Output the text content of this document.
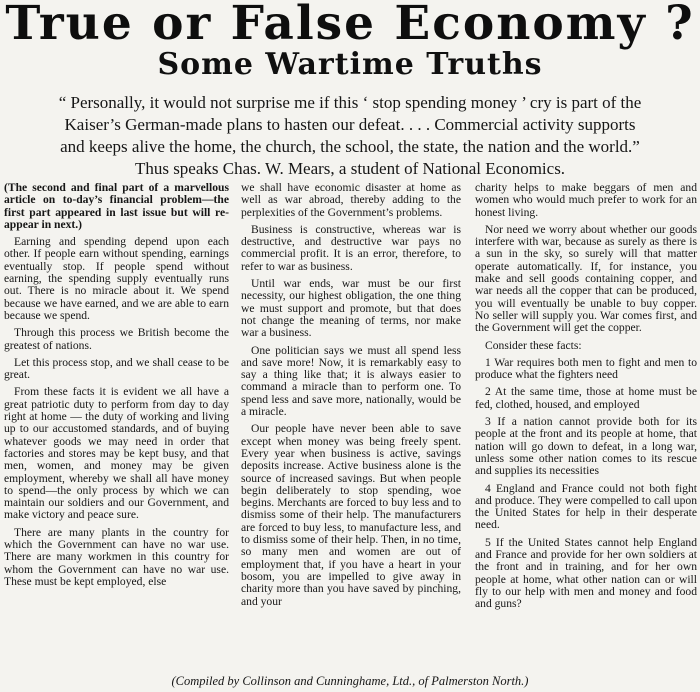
True or False Economy ?
Some Wartime Truths

“ Personally, it would not surprise me if this ‘ stop spending money ’ cry is part of the

Kaiser’s German-made plans to hasten our defeat. . . . Commercial activity supports

and keeps alive the home, the church, the school, the state, the nation and the world.”

Thus speaks Chas. W. Mears, a student of National Economics.

(The second and final part of a marvellous article on to-day’s financial problem—the first part appeared in last issue but will re-appear in next.)

Earning and spending depend upon each other. If people earn without spending, earnings eventually stop. If people spend without earning, the spending supply eventually runs out. There is no miracle about it. We spend because we have earned, and we are able to earn because we spend.

Through this process we British become the greatest of nations.

Let this process stop, and we shall cease to be great.

From these facts it is evident we all have a great patriotic duty to perform from day to day right at home — the duty of working and living up to our accustomed standards, and of buying whatever goods we may need in order that factories and stores may be kept busy, and that men, women, and money may be given employment, whereby we shall all have money to spend—the only process by which we can maintain our soldiers and our Government, and make victory and peace sure.

There are many plants in the country for which the Government can have no war use. There are many workmen in this country for whom the Government can have no war use. These must be kept employed, else

we shall have economic disaster at home as well as war abroad, thereby adding to the perplexities of the Government’s problems.

Business is constructive, whereas war is destructive, and destructive war pays no commercial profit. It is an error, therefore, to refer to war as business.

Until war ends, war must be our first necessity, our highest obligation, the one thing we must support and promote, but that does not change the meaning of terms, nor make war a business.

One politician says we must all spend less and save more! Now, it is remarkably easy to say a thing like that; it is always easier to command a miracle than to perform one. To spend less and save more, nationally, would be a miracle.

Our people have never been able to save except when money was being freely spent. Every year when business is active, savings deposits increase. Active business alone is the source of increased savings. But when people begin deliberately to stop spending, woe begins. Merchants are forced to buy less and to dismiss some of their help. The manufacturers are forced to buy less, to manufacture less, and to dismiss some of their help. Then, in no time, so many men and women are out of employment that, if you have a heart in your bosom, you are impelled to give away in charity more than you have saved by pinching, and your

charity helps to make beggars of men and women who would much prefer to work for an honest living.

Nor need we worry about whether our goods interfere with war, because as surely as there is a sun in the sky, so surely will that matter operate automatically. If, for instance, you make and sell goods containing copper, and war needs all the copper that can be produced, you will eventually be unable to buy copper. No seller will supply you. War comes first, and the Government will get the copper.

Consider these facts:

1 War requires both men to fight and men to produce what the fighters need

2 At the same time, those at home must be fed, clothed, housed, and employed

3 If a nation cannot provide both for its people at the front and its people at home, that nation will go down to defeat, in a long war, unless some other nation comes to its rescue and supplies its necessities

4 England and France could not both fight and produce. They were compelled to call upon the United States for help in their desperate need.

5 If the United States cannot help England and France and provide for her own soldiers at the front and in training, and for her own people at home, what other nation can or will fly to our help with men and money and food and guns?

(Compiled by Collinson and Cunninghame, Ltd., of Palmerston North.)
